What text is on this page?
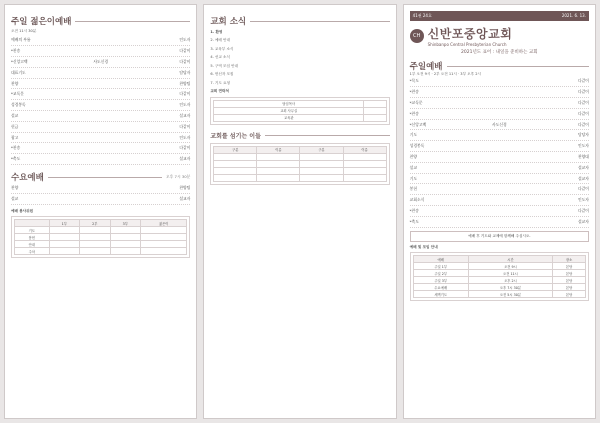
주일 젊은이예배
오전 11시 30분
예배의 부름	인도자
*찬송	다같이
*신앙고백	사도신경	다같이
대표기도	담당자
찬양	찬양팀
*교독문	다같이
성경봉독	인도자
설교	설교자
헌금	다같이
광고	인도자
*찬송	다같이
*축도	설교자
수요예배	오후 7시 30분
찬양	찬양팀
설교	설교자
예배 봉사위원
	1부	2부	3부	젊은이
기도				
봉헌				
안내				
주차				
교회 소식
1. 환영
2. 예배 안내
3. 교육부 소식
4. 선교 소식
5. 구역 모임 안내
6. 헌신자 모집
7. 기도 요청
교회 연락처
담임목사	
교회 사무실	
교육관	
교회를 섬기는 이들
구분	이름	구분	이름

41권 24호	2021. 6. 13.
CH 신반포중앙교회
Shinbanpo Central Presbyterian Church
2021년도 표어 : 내일을 준비하는 교회
주일예배
1부 오전 9시 · 2부 오전 11시 · 3부 오후 2시
*묵도	다같이
*찬송	다같이
*교독문	다같이
*찬송	다같이
*신앙고백	사도신경	다같이
기도	담당자
성경봉독	인도자
찬양	찬양대
설교	설교자
기도	설교자
봉헌	다같이
교회소식	인도자
*찬송	다같이
*축도	설교자
예배 후 기도와 교제에 함께해 주십시오.
예배 및 모임 안내
예배	시간	장소
주일 1부	오전 9시	본당
주일 2부	오전 11시	본당
주일 3부	오후 2시	본당
수요예배	오후 7시 30분	본당
새벽기도	오전 5시 30분	본당
